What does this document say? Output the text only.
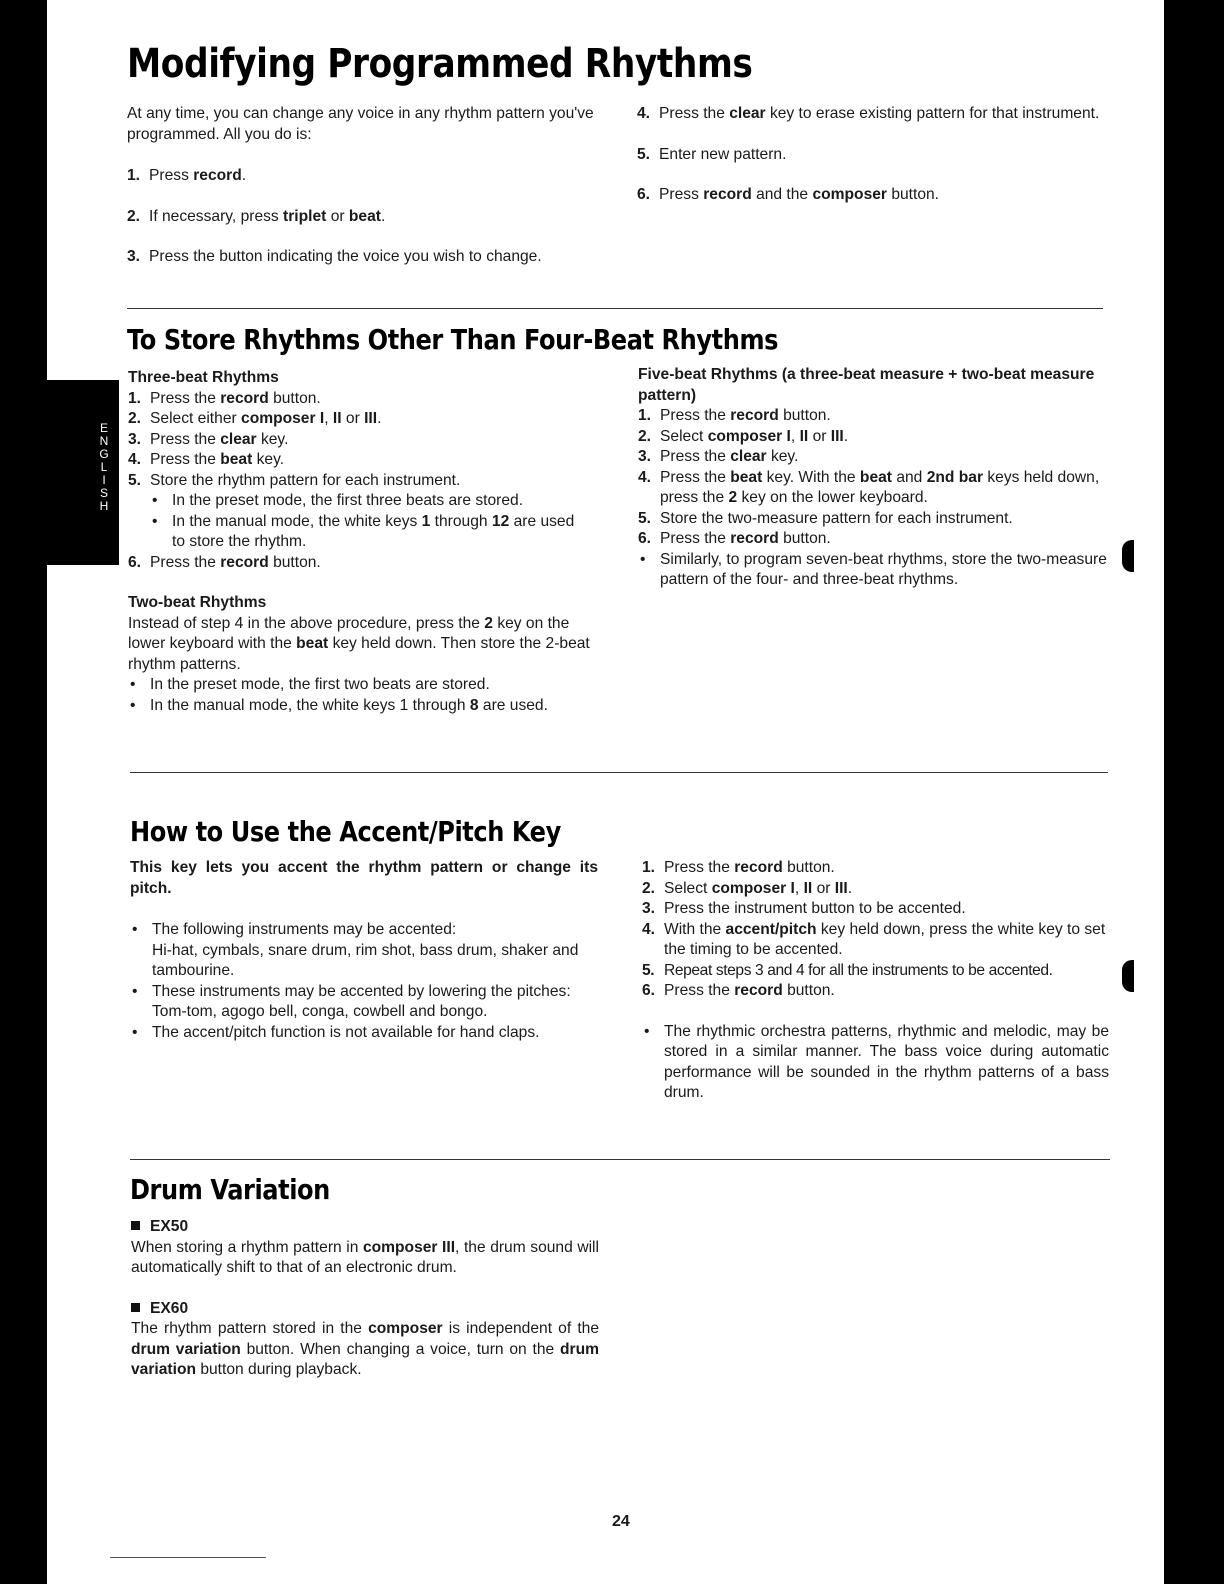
E
N
G
L
I
S
H
Modifying Programmed Rhythms

At any time, you can change any voice in any rhythm pattern you've programmed. All you do is:

1. Press record.

2. If necessary, press triplet or beat.

3. Press the button indicating the voice you wish to change.

4. Press the clear key to erase existing pattern for that instrument.

5. Enter new pattern.

6. Press record and the composer button.

To Store Rhythms Other Than Four-Beat Rhythms

Three-beat Rhythms

1. Press the record button.

2. Select either composer I, II or III.

3. Press the clear key.

4. Press the beat key.

5. Store the rhythm pattern for each instrument.

• In the preset mode, the first three beats are stored.

• In the manual mode, the white keys 1 through 12 are used to store the rhythm.

6. Press the record button.

Two-beat Rhythms

Instead of step 4 in the above procedure, press the 2 key on the lower keyboard with the beat key held down. Then store the 2-beat rhythm patterns.

• In the preset mode, the first two beats are stored.

• In the manual mode, the white keys 1 through 8 are used.

Five-beat Rhythms (a three-beat measure + two-beat measure pattern)

1. Press the record button.

2. Select composer I, II or III.

3. Press the clear key.

4. Press the beat key. With the beat and 2nd bar keys held down, press the 2 key on the lower keyboard.

5. Store the two-measure pattern for each instrument.

6. Press the record button.

• Similarly, to program seven-beat rhythms, store the two-measure pattern of the four- and three-beat rhythms.

How to Use the Accent/Pitch Key

This key lets you accent the rhythm pattern or change its pitch.

• The following instruments may be accented:

Hi-hat, cymbals, snare drum, rim shot, bass drum, shaker and tambourine.

• These instruments may be accented by lowering the pitches:

Tom-tom, agogo bell, conga, cowbell and bongo.

• The accent/pitch function is not available for hand claps.

1. Press the record button.

2. Select composer I, II or III.

3. Press the instrument button to be accented.

4. With the accent/pitch key held down, press the white key to set the timing to be accented.

5. Repeat steps 3 and 4 for all the instruments to be accented.

6. Press the record button.

• The rhythmic orchestra patterns, rhythmic and melodic, may be stored in a similar manner. The bass voice during automatic performance will be sounded in the rhythm patterns of a bass drum.

Drum Variation

EX50

When storing a rhythm pattern in composer III, the drum sound will automatically shift to that of an electronic drum.

EX60

The rhythm pattern stored in the composer is independent of the drum variation button. When changing a voice, turn on the drum variation button during playback.

24
